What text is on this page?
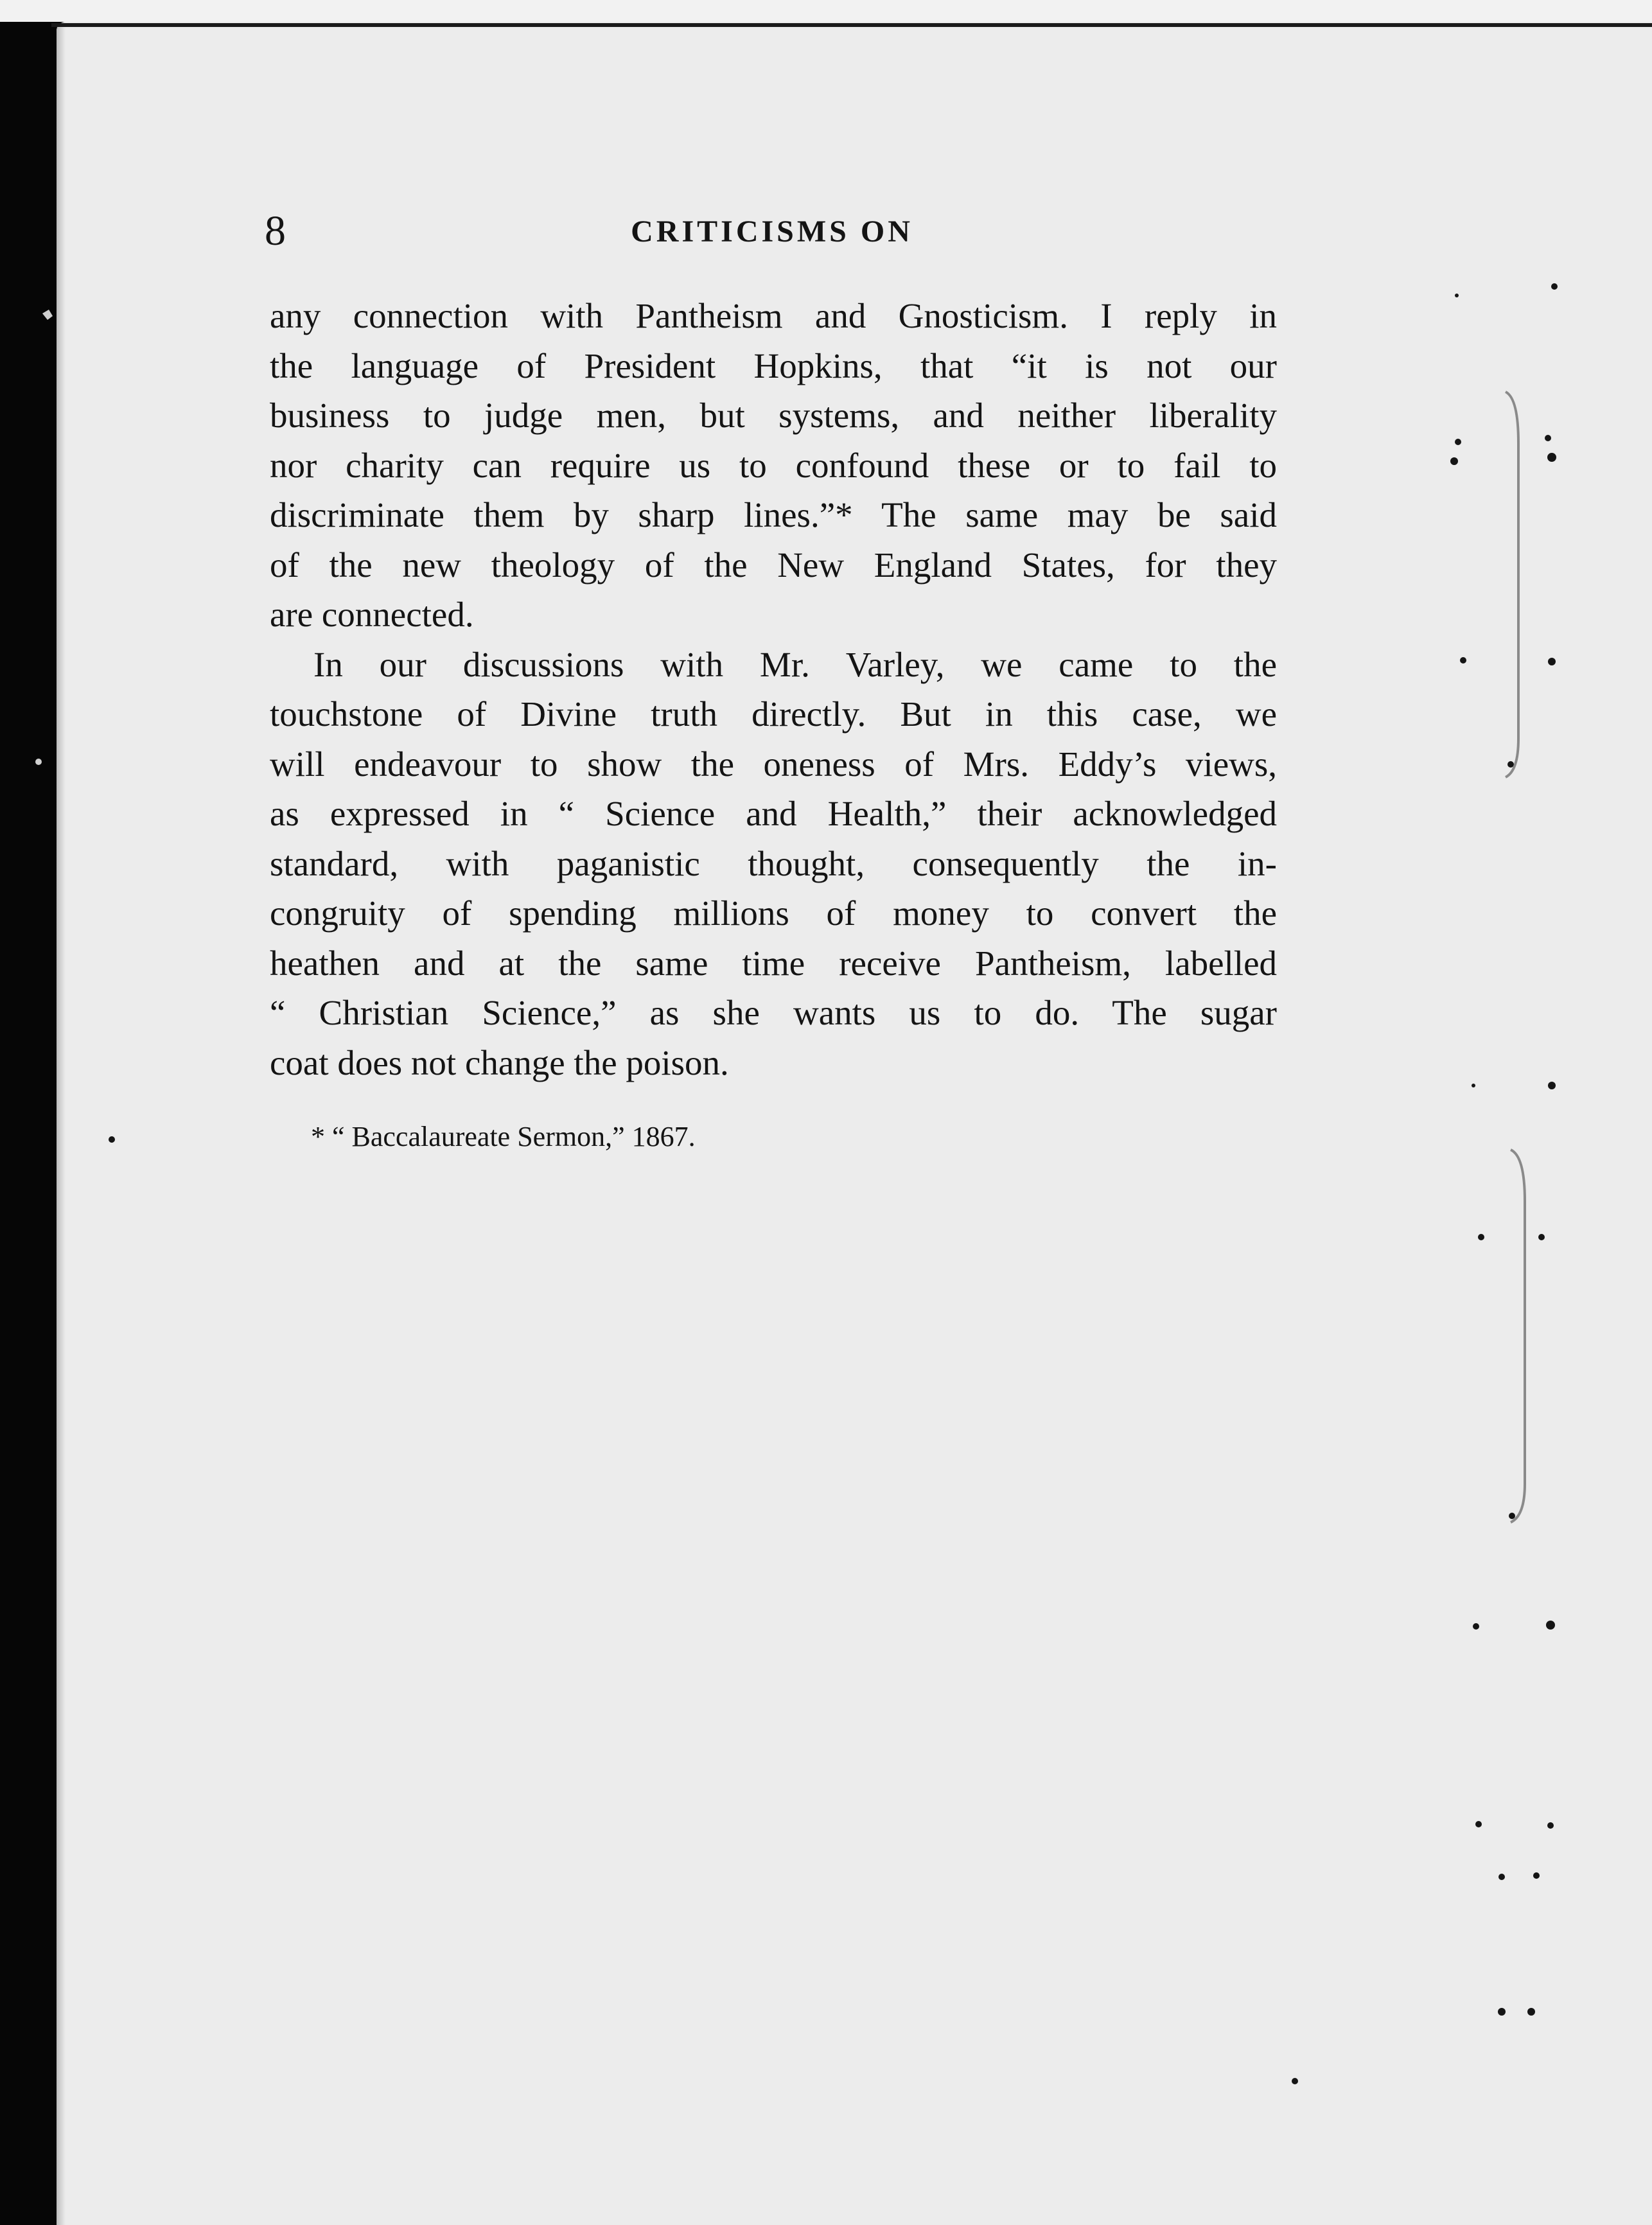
8	CRITICISMS ON

any connection with Pantheism and Gnosticism. I reply in

the language of President Hopkins, that “it is not our

business to judge men, but systems, and neither liberality

nor charity can require us to confound these or to fail to

discriminate them by sharp lines.”* The same may be said

of the new theology of the New England States, for they

are connected.

In our discussions with Mr. Varley, we came to the

touchstone of Divine truth directly. But in this case, we

will endeavour to show the oneness of Mrs. Eddy’s views,

as expressed in “ Science and Health,” their acknowledged

standard, with paganistic thought, consequently the in-

congruity of spending millions of money to convert the

heathen and at the same time receive Pantheism, labelled

“ Christian Science,” as she wants us to do. The sugar

coat does not change the poison.

* “ Baccalaureate Sermon,” 1867.
